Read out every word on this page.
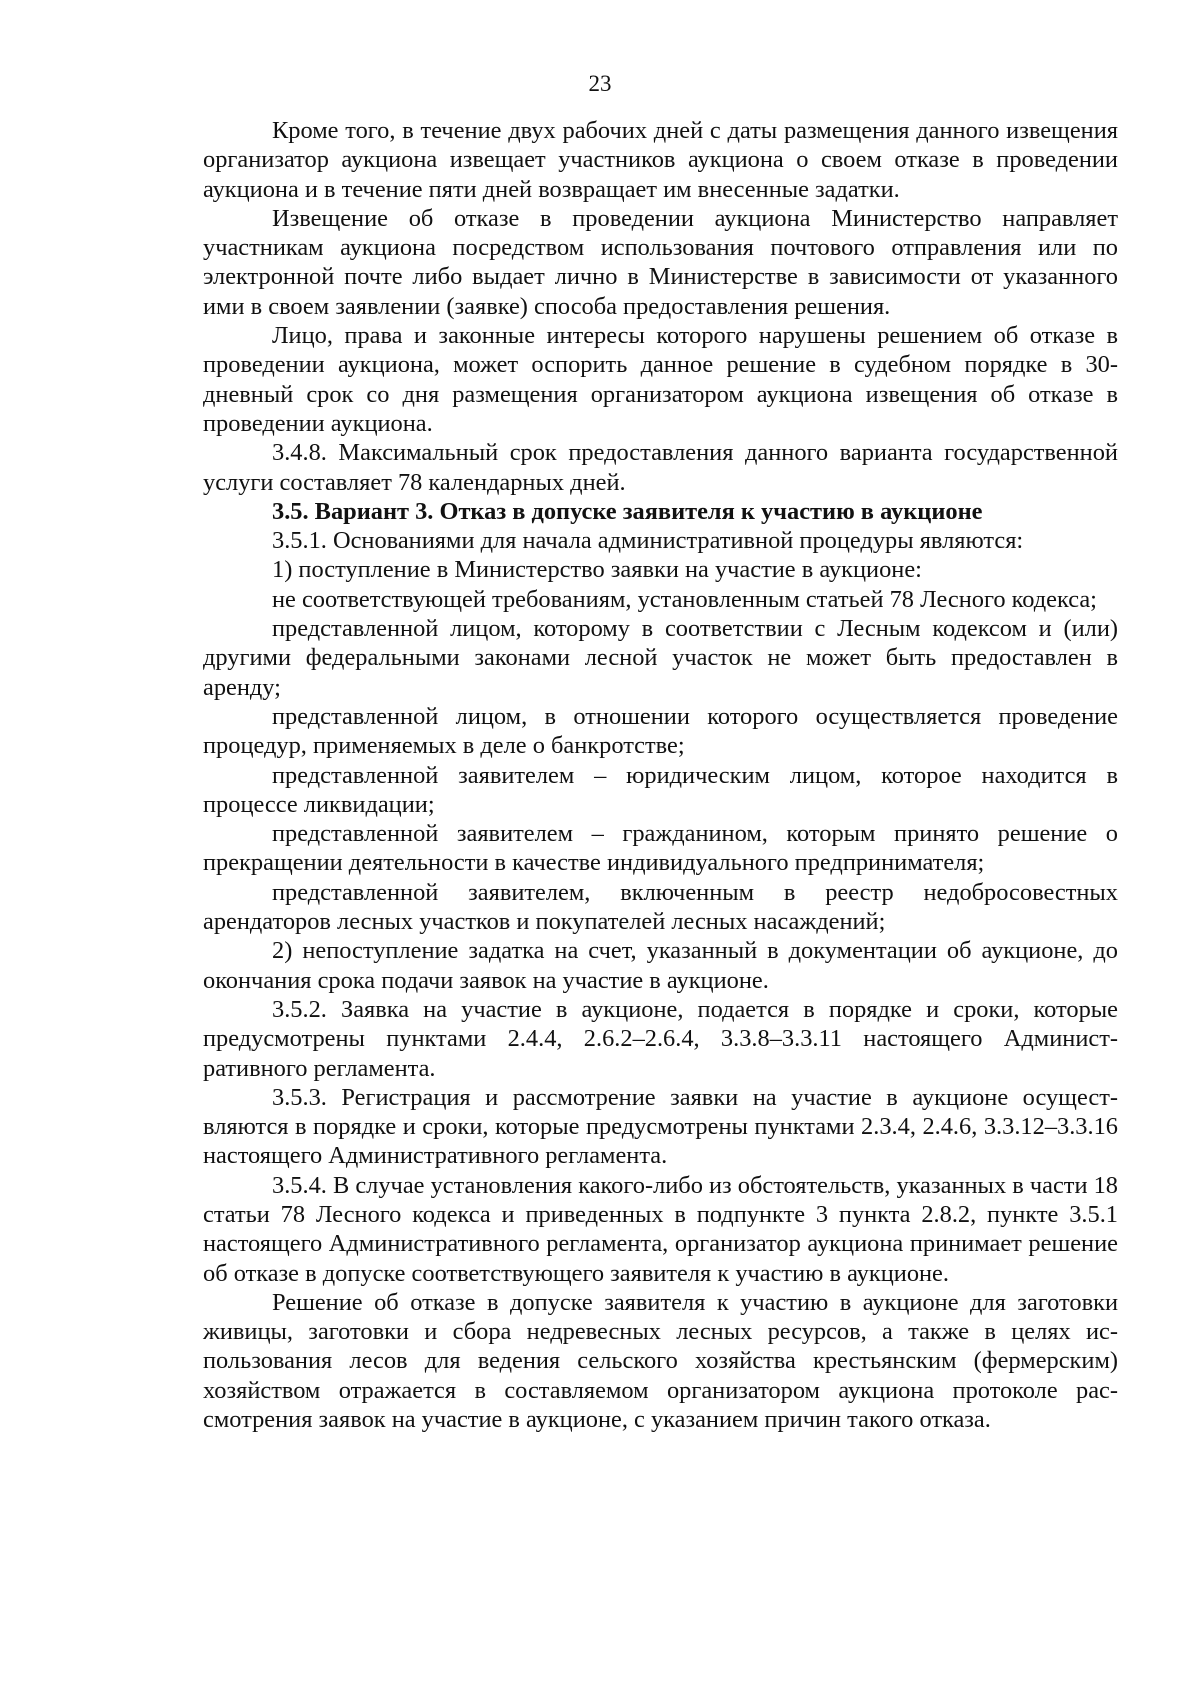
23

Кроме того, в течение двух рабочих дней с даты размещения данного извещения организатор аукциона извещает участников аукциона о своем отказе в проведении аукциона и в течение пяти дней возвращает им внесенные задатки.

Извещение об отказе в проведении аукциона Министерство направляет участникам аукциона посредством использования почтового отправления или по электронной почте либо выдает лично в Министерстве в зависимости от указанного ими в своем заявлении (заявке) способа предоставления решения.

Лицо, права и законные интересы которого нарушены решением об отказе в проведении аукциона, может оспорить данное решение в судебном порядке в 30-дневный срок со дня размещения организатором аукциона извещения об отказе в проведении аукциона.

3.4.8. Максимальный срок предоставления данного варианта государственной услуги составляет 78 календарных дней.

3.5. Вариант 3. Отказ в допуске заявителя к участию в аукционе

3.5.1. Основаниями для начала административной процедуры являются:

1) поступление в Министерство заявки на участие в аукционе:

не соответствующей требованиям, установленным статьей 78 Лесного кодекса;

представленной лицом, которому в соответствии с Лесным кодексом и (или) другими федеральными законами лесной участок не может быть предоставлен в аренду;

представленной лицом, в отношении которого осуществляется проведение процедур, применяемых в деле о банкротстве;

представленной заявителем – юридическим лицом, которое находится в процессе ликвидации;

представленной заявителем – гражданином, которым принято решение о прекращении деятельности в качестве индивидуального предпринимателя;

представленной заявителем, включенным в реестр недобросовестных арендаторов лесных участков и покупателей лесных насаждений;

2) непоступление задатка на счет, указанный в документации об аукционе, до окончания срока подачи заявок на участие в аукционе.

3.5.2. Заявка на участие в аукционе, подается в порядке и сроки, которые предусмотрены пунктами 2.4.4, 2.6.2–2.6.4, 3.3.8–3.3.11 настоящего Административного регламента.

3.5.3. Регистрация и рассмотрение заявки на участие в аукционе осуществляются в порядке и сроки, которые предусмотрены пунктами 2.3.4, 2.4.6, 3.3.12–3.3.16 настоящего Административного регламента.

3.5.4. В случае установления какого-либо из обстоятельств, указанных в части 18 статьи 78 Лесного кодекса и приведенных в подпункте 3 пункта 2.8.2, пункте 3.5.1 настоящего Административного регламента, организатор аукциона принимает решение об отказе в допуске соответствующего заявителя к участию в аукционе.

Решение об отказе в допуске заявителя к участию в аукционе для заготовки живицы, заготовки и сбора недревесных лесных ресурсов, а также в целях использования лесов для ведения сельского хозяйства крестьянским (фермерским) хозяйством отражается в составляемом организатором аукциона протоколе рассмотрения заявок на участие в аукционе, с указанием причин такого отказа.
